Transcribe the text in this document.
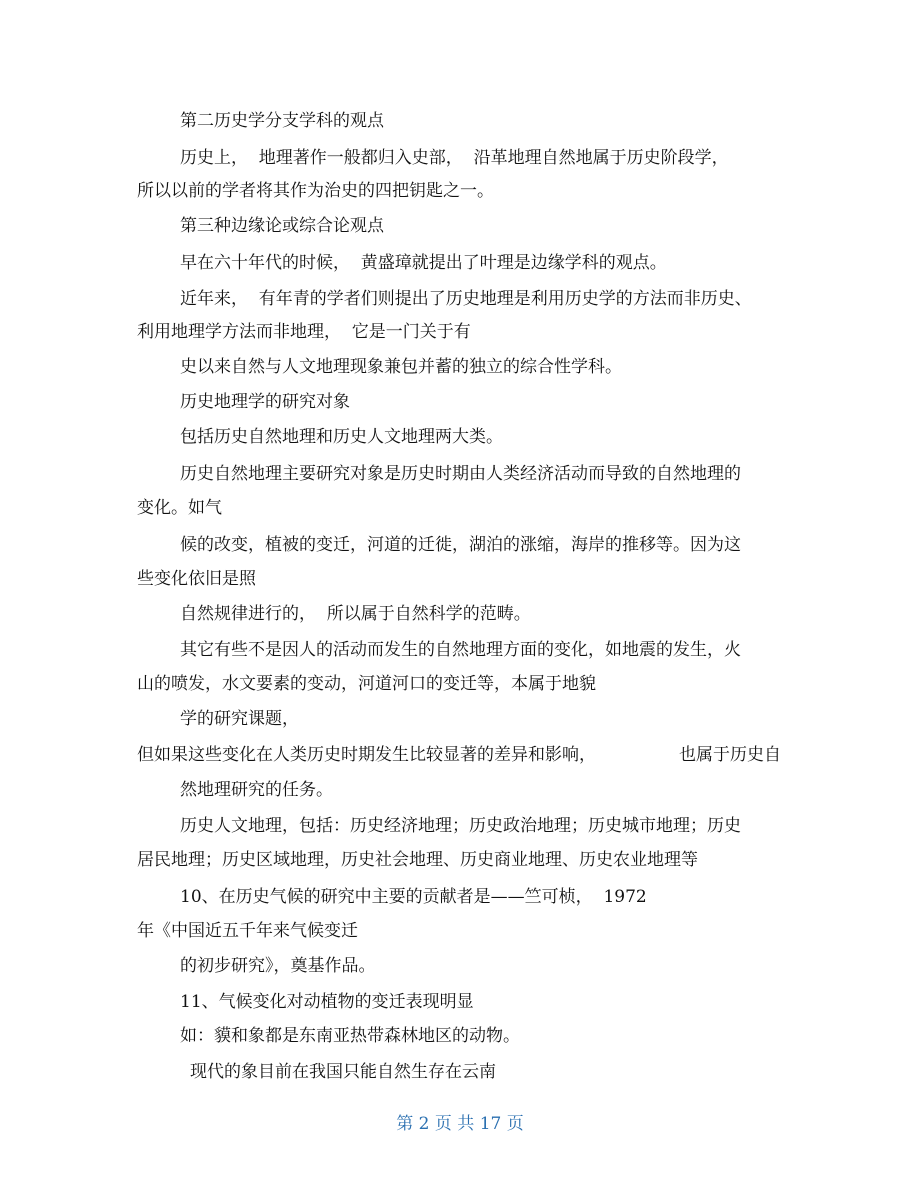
第二历史学分支学科的观点

历史上，  地理著作一般都归入史部，  沿革地理自然地属于历史阶段学，

所以以前的学者将其作为治史的四把钥匙之一。

第三种边缘论或综合论观点

早在六十年代的时候，  黄盛璋就提出了叶理是边缘学科的观点。

近年来，  有年青的学者们则提出了历史地理是利用历史学的方法而非历史、

利用地理学方法而非地理，  它是一门关于有

史以来自然与人文地理现象兼包并蓄的独立的综合性学科。

历史地理学的研究对象

包括历史自然地理和历史人文地理两大类。

历史自然地理主要研究对象是历史时期由人类经济活动而导致的自然地理的

变化。如气

候的改变，植被的变迁，河道的迁徙，湖泊的涨缩，海岸的推移等。因为这

些变化依旧是照

自然规律进行的，  所以属于自然科学的范畴。

其它有些不是因人的活动而发生的自然地理方面的变化，如地震的发生，火

山的喷发，水文要素的变动，河道河口的变迁等，本属于地貌

学的研究课题，

但如果这些变化在人类历史时期发生比较显著的差异和影响，	也属于历史自

然地理研究的任务。

历史人文地理，包括：历史经济地理；历史政治地理；历史城市地理；历史

居民地理；历史区域地理，历史社会地理、历史商业地理、历史农业地理等

10、在历史气候的研究中主要的贡献者是——竺可桢，  1972

年《中国近五千年来气候变迁

的初步研究》，奠基作品。

11、气候变化对动植物的变迁表现明显

如：貘和象都是东南亚热带森林地区的动物。

现代的象目前在我国只能自然生存在云南

第 2 页 共 17 页
